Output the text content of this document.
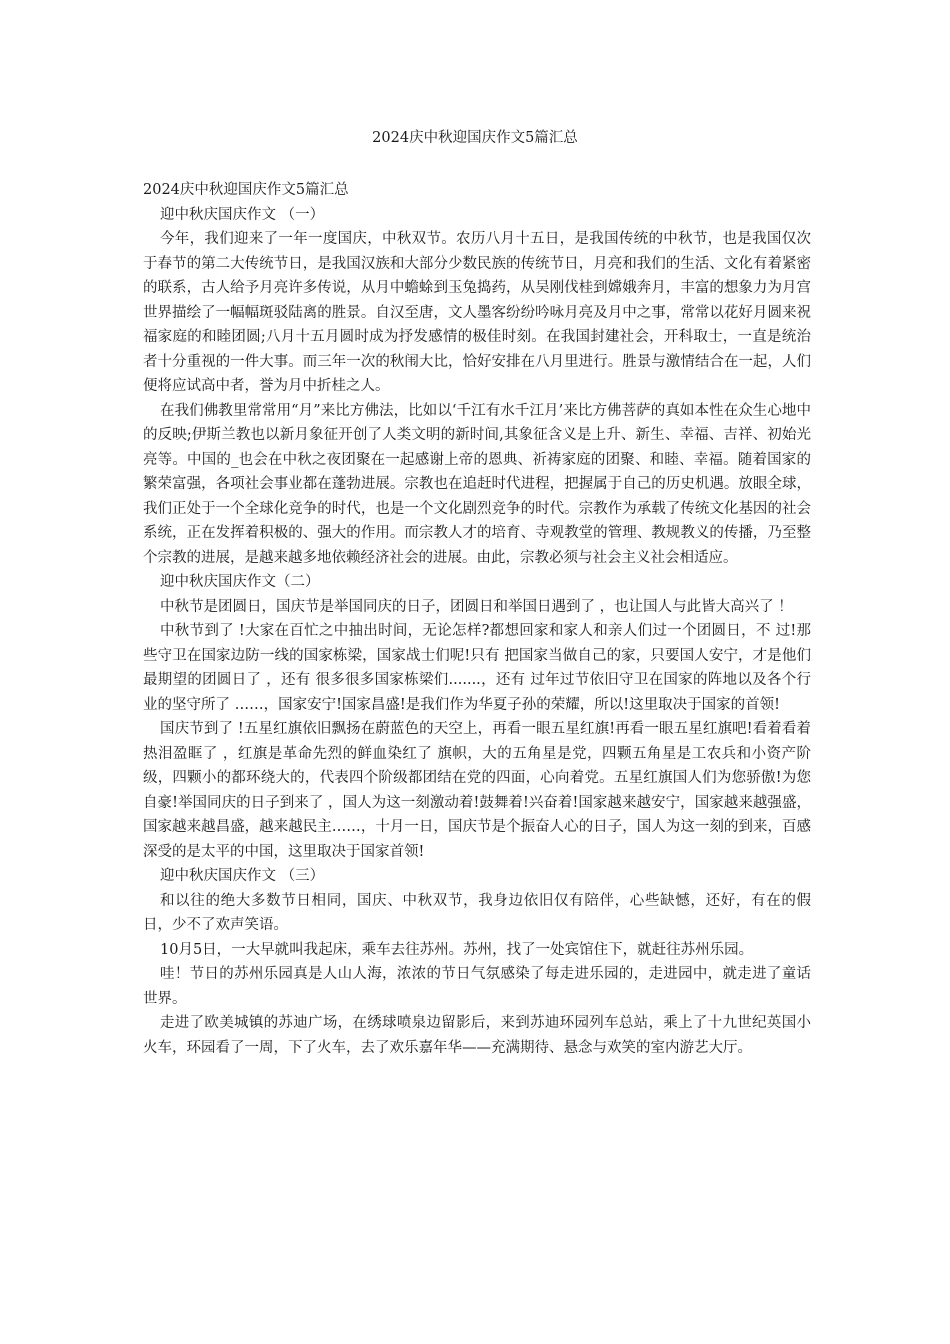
2024庆中秋迎国庆作文5篇汇总

2024庆中秋迎国庆作文5篇汇总

迎中秋庆国庆作文 （一）

今年，我们迎来了一年一度国庆，中秋双节。农历八月十五日，是我国传统的中秋节，也是我国仅次于春节的第二大传统节日，是我国汉族和大部分少数民族的传统节日，月亮和我们的生活、文化有着紧密的联系，古人给予月亮许多传说，从月中蟾蜍到玉兔捣药，从吴刚伐桂到嫦娥奔月，丰富的想象力为月宫世界描绘了一幅幅斑驳陆离的胜景。自汉至唐，文人墨客纷纷吟咏月亮及月中之事，常常以花好月圆来祝福家庭的和睦团圆;八月十五月圆时成为抒发感情的极佳时刻。在我国封建社会，开科取士，一直是统治者十分重视的一件大事。而三年一次的秋闱大比，恰好安排在八月里进行。胜景与激情结合在一起，人们便将应试高中者，誉为月中折桂之人。

在我们佛教里常常用“月”来比方佛法，比如以‘千江有水千江月’来比方佛菩萨的真如本性在众生心地中的反映;伊斯兰教也以新月象征开创了人类文明的新时间,其象征含义是上升、新生、幸福、吉祥、初始光亮等。中国的_也会在中秋之夜团聚在一起感谢上帝的恩典、祈祷家庭的团聚、和睦、幸福。随着国家的繁荣富强，各项社会事业都在蓬勃进展。宗教也在追赶时代进程，把握属于自己的历史机遇。放眼全球，我们正处于一个全球化竞争的时代，也是一个文化剧烈竞争的时代。宗教作为承载了传统文化基因的社会系统，正在发挥着积极的、强大的作用。而宗教人才的培育、寺观教堂的管理、教规教义的传播，乃至整个宗教的进展，是越来越多地依赖经济社会的进展。由此，宗教必须与社会主义社会相适应。

迎中秋庆国庆作文（二）

中秋节是团圆日，国庆节是举国同庆的日子，团圆日和举国日遇到了 ，也让国人与此皆大高兴了 ！

中秋节到了 !大家在百忙之中抽出时间，无论怎样?都想回家和家人和亲人们过一个团圆日，不 过!那些守卫在国家边防一线的国家栋梁，国家战士们呢!只有 把国家当做自己的家，只要国人安宁，才是他们最期望的团圆日了 ，还有 很多很多国家栋梁们.......，还有 过年过节依旧守卫在国家的阵地以及各个行业的坚守所了 ……，国家安宁!国家昌盛!是我们作为华夏子孙的荣耀，所以!这里取决于国家的首领!

国庆节到了 !五星红旗依旧飘扬在蔚蓝色的天空上，再看一眼五星红旗!再看一眼五星红旗吧!看着看着热泪盈眶了 ，红旗是革命先烈的鲜血染红了 旗帜，大的五角星是党，四颗五角星是工农兵和小资产阶级，四颗小的都环绕大的，代表四个阶级都团结在党的四面，心向着党。五星红旗国人们为您骄傲!为您自豪!举国同庆的日子到来了 ，国人为这一刻激动着!鼓舞着!兴奋着!国家越来越安宁，国家越来越强盛，国家越来越昌盛，越来越民主……，十月一日，国庆节是个振奋人心的日子，国人为这一刻的到来，百感深受的是太平的中国，这里取决于国家首领!

迎中秋庆国庆作文 （三）

和以往的绝大多数节日相同，国庆、中秋双节，我身边依旧仅有陪伴，心些缺憾，还好，有在的假日，少不了欢声笑语。

10月5日，一大早就叫我起床，乘车去往苏州。苏州，找了一处宾馆住下，就赶往苏州乐园。

哇！节日的苏州乐园真是人山人海，浓浓的节日气氛感染了每走进乐园的，走进园中，就走进了童话世界。

走进了欧美城镇的苏迪广场，在绣球喷泉边留影后，来到苏迪环园列车总站，乘上了十九世纪英国小火车，环园看了一周，下了火车，去了欢乐嘉年华——充满期待、悬念与欢笑的室内游艺大厅。
